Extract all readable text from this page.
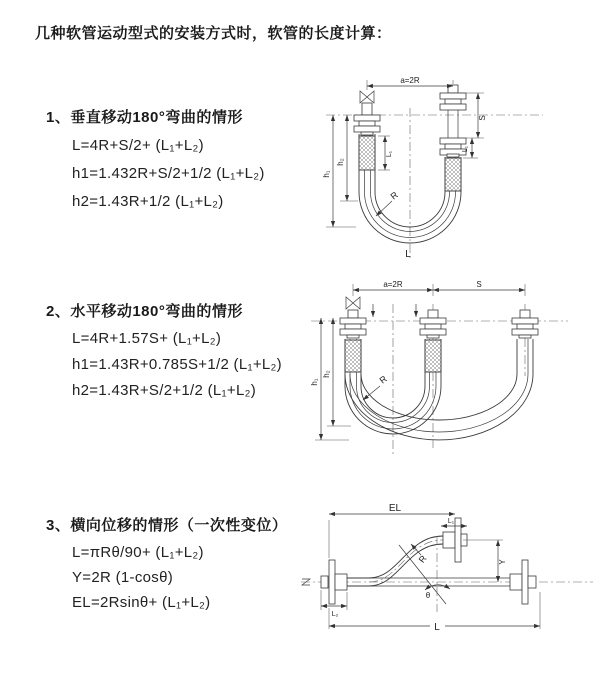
几种软管运动型式的安装方式时，软管的长度计算：
1、垂直移动180°弯曲的情形
L=4R+S/2+ (L₁+L₂)
h1=1.432R+S/2+1/2 (L₁+L₂)
h2=1.43R+1/2 (L₁+L₂)
2、水平移动180°弯曲的情形
L=4R+1.57S+ (L₁+L₂)
h1=1.43R+0.785S+1/2 (L₁+L₂)
h2=1.43R+S/2+1/2 (L₁+L₂)
3、横向位移的情形（一次性变位）
L=πRθ/90+ (L₁+L₂)
Y=2R (1-cosθ)
EL=2Rsinθ+ (L₁+L₂)
a=2R
S
L₁
h₁
h₂
L₁
R
L
a=2R	S
h₁
h₂	R
EL
L₁
Y
L₂
L
R
θ
